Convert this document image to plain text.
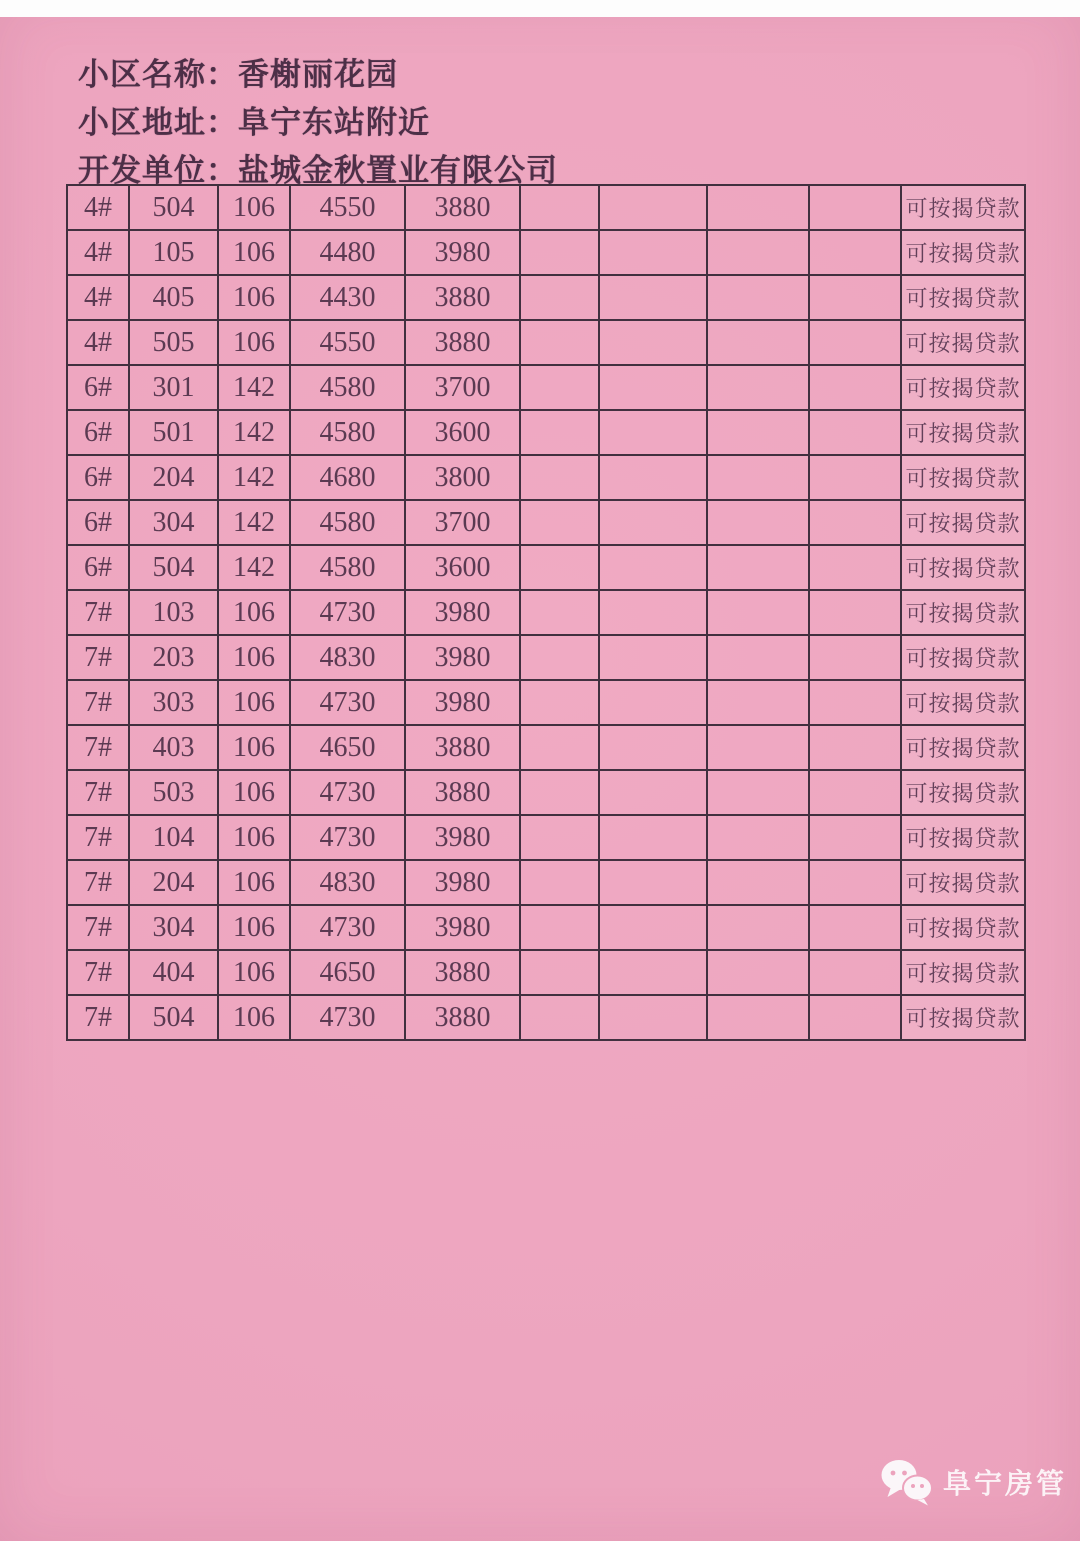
小区名称：香榭丽花园
小区地址：阜宁东站附近
开发单位：盐城金秋置业有限公司
4#	504	106	4550	3880					可按揭贷款
4#	105	106	4480	3980					可按揭贷款
4#	405	106	4430	3880					可按揭贷款
4#	505	106	4550	3880					可按揭贷款
6#	301	142	4580	3700					可按揭贷款
6#	501	142	4580	3600					可按揭贷款
6#	204	142	4680	3800					可按揭贷款
6#	304	142	4580	3700					可按揭贷款
6#	504	142	4580	3600					可按揭贷款
7#	103	106	4730	3980					可按揭贷款
7#	203	106	4830	3980					可按揭贷款
7#	303	106	4730	3980					可按揭贷款
7#	403	106	4650	3880					可按揭贷款
7#	503	106	4730	3880					可按揭贷款
7#	104	106	4730	3980					可按揭贷款
7#	204	106	4830	3980					可按揭贷款
7#	304	106	4730	3980					可按揭贷款
7#	404	106	4650	3880					可按揭贷款
7#	504	106	4730	3880					可按揭贷款
阜宁房管
